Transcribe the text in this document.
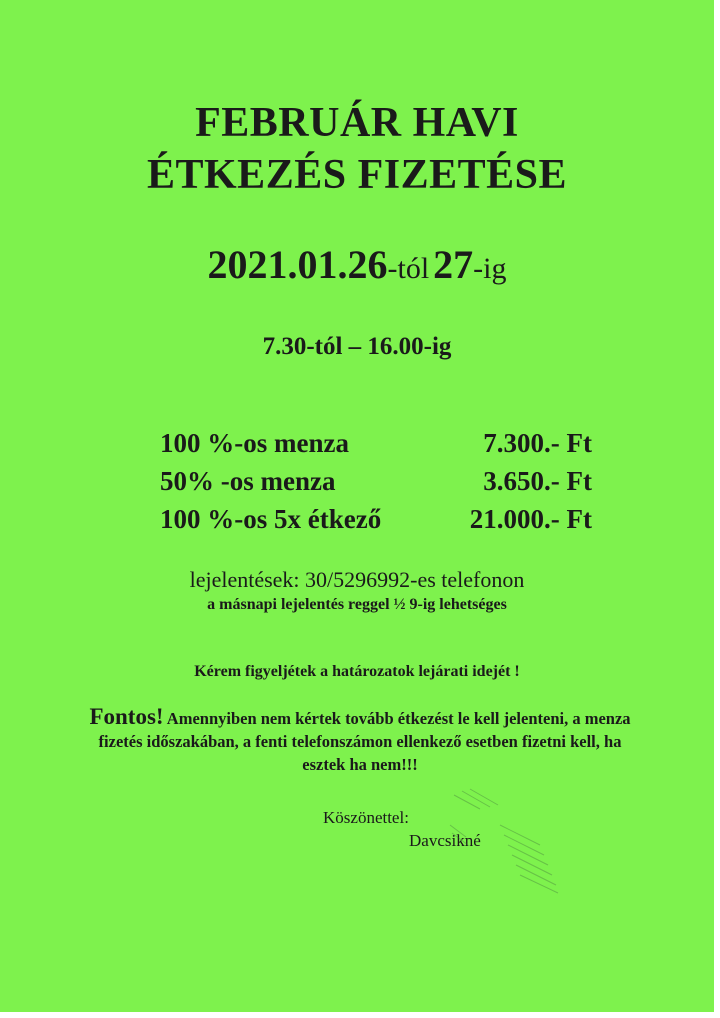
FEBRUÁR HAVI
ÉTKEZÉS FIZETÉSE
2021.01.26-tól 27-ig
7.30-tól – 16.00-ig
100 %-os menza	7.300.- Ft
50% -os menza	3.650.- Ft
100 %-os 5x étkező	21.000.- Ft
lejelentések: 30/5296992-es telefonon
a másnapi lejelentés reggel ½ 9-ig lehetséges
Kérem figyeljétek a határozatok lejárati idejét !
Fontos! Amennyiben nem kértek tovább étkezést le kell jelenteni, a menza fizetés időszakában, a fenti telefonszámon ellenkező esetben fizetni kell, ha esztek ha nem!!!
Köszönettel:
Davcsikné
